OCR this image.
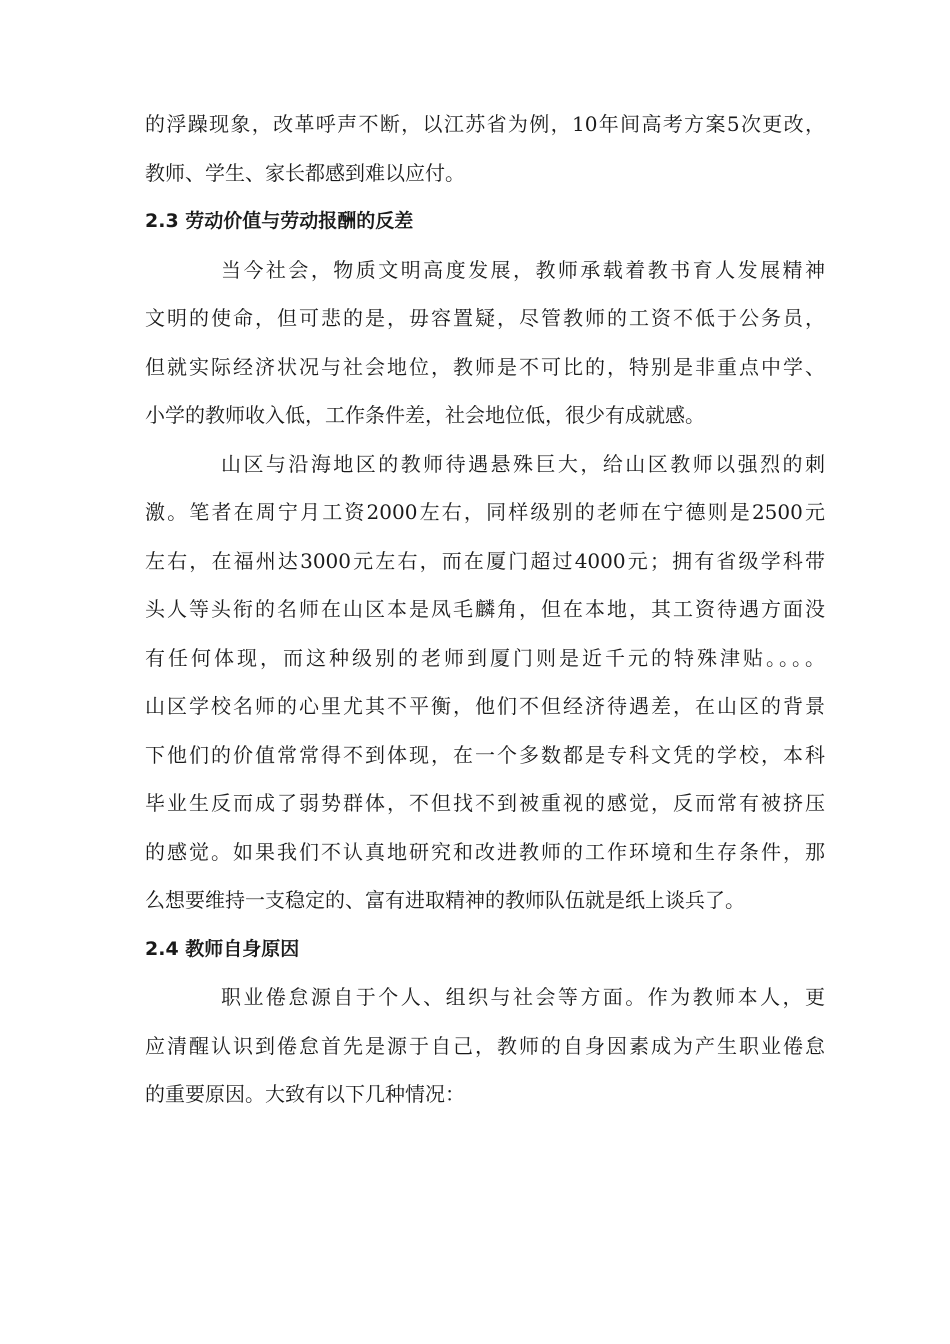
的浮躁现象，改革呼声不断，以江苏省为例，10年间高考方案5次更改，
教师、学生、家长都感到难以应付。
2.3 劳动价值与劳动报酬的反差
当今社会，物质文明高度发展，教师承载着教书育人发展精神
文明的使命，但可悲的是，毋容置疑，尽管教师的工资不低于公务员，
但就实际经济状况与社会地位，教师是不可比的，特别是非重点中学、
小学的教师收入低，工作条件差，社会地位低，很少有成就感。
山区与沿海地区的教师待遇悬殊巨大，给山区教师以强烈的刺
激。笔者在周宁月工资2000左右，同样级别的老师在宁德则是2500元
左右，在福州达3000元左右，而在厦门超过4000元；拥有省级学科带
头人等头衔的名师在山区本是凤毛麟角，但在本地，其工资待遇方面没
有任何体现，而这种级别的老师到厦门则是近千元的特殊津贴。。。。
山区学校名师的心里尤其不平衡，他们不但经济待遇差，在山区的背景
下他们的价值常常得不到体现，在一个多数都是专科文凭的学校，本科
毕业生反而成了弱势群体，不但找不到被重视的感觉，反而常有被挤压
的感觉。如果我们不认真地研究和改进教师的工作环境和生存条件，那
么想要维持一支稳定的、富有进取精神的教师队伍就是纸上谈兵了。
2.4 教师自身原因
职业倦怠源自于个人、组织与社会等方面。作为教师本人，更
应清醒认识到倦怠首先是源于自己，教师的自身因素成为产生职业倦怠
的重要原因。大致有以下几种情况：
